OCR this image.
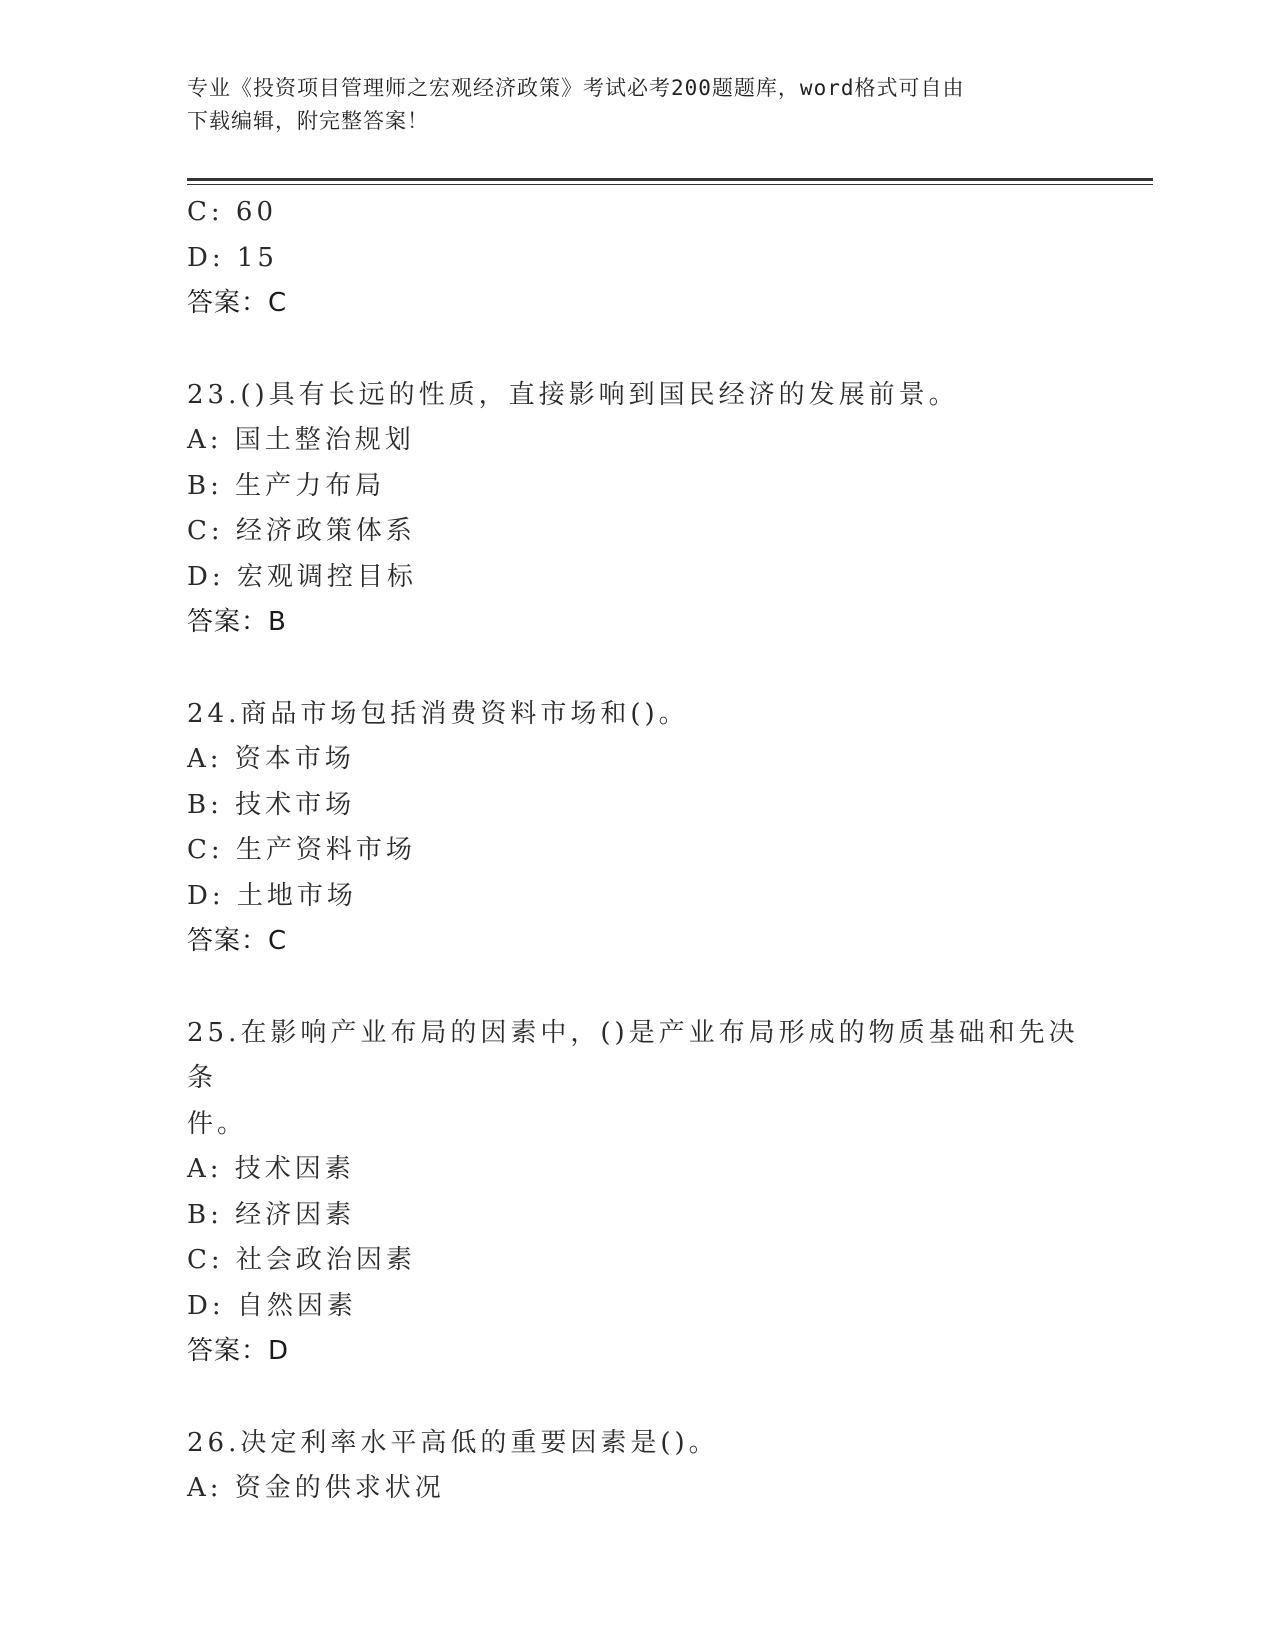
专业《投资项目管理师之宏观经济政策》考试必考200题题库，word格式可自由
下载编辑，附完整答案！
C: 60
D: 15
答案：C
23.()具有长远的性质，直接影响到国民经济的发展前景。
A: 国土整治规划
B: 生产力布局
C: 经济政策体系
D: 宏观调控目标
答案：B
24.商品市场包括消费资料市场和()。
A: 资本市场
B: 技术市场
C: 生产资料市场
D: 土地市场
答案：C
25.在影响产业布局的因素中，()是产业布局形成的物质基础和先决条
件。
A: 技术因素
B: 经济因素
C: 社会政治因素
D: 自然因素
答案：D
26.决定利率水平高低的重要因素是()。
A: 资金的供求状况
